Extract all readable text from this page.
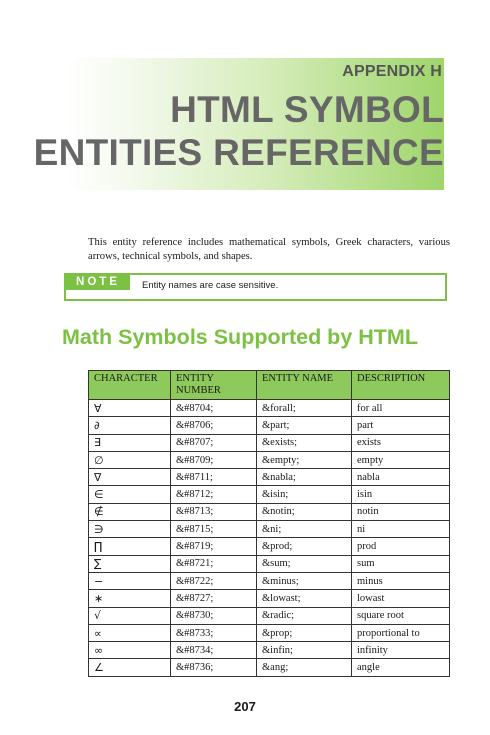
APPENDIX H
HTML SYMBOL
ENTITIES REFERENCE

This entity reference includes mathematical symbols, Greek characters, various arrows, technical symbols, and shapes.

NOTE	Entity names are case sensitive.
Math Symbols Supported by HTML
CHARACTER	ENTITY NUMBER	ENTITY NAME	DESCRIPTION
∀	&#8704;	&forall;	for all
∂	&#8706;	&part;	part
∃	&#8707;	&exists;	exists
∅	&#8709;	&empty;	empty
∇	&#8711;	&nabla;	nabla
∈	&#8712;	&isin;	isin
∉	&#8713;	&notin;	notin
∋	&#8715;	&ni;	ni
∏	&#8719;	&prod;	prod
∑	&#8721;	&sum;	sum
−	&#8722;	&minus;	minus
∗	&#8727;	&lowast;	lowast
√	&#8730;	&radic;	square root
∝	&#8733;	&prop;	proportional to
∞	&#8734;	&infin;	infinity
∠	&#8736;	&ang;	angle
207
